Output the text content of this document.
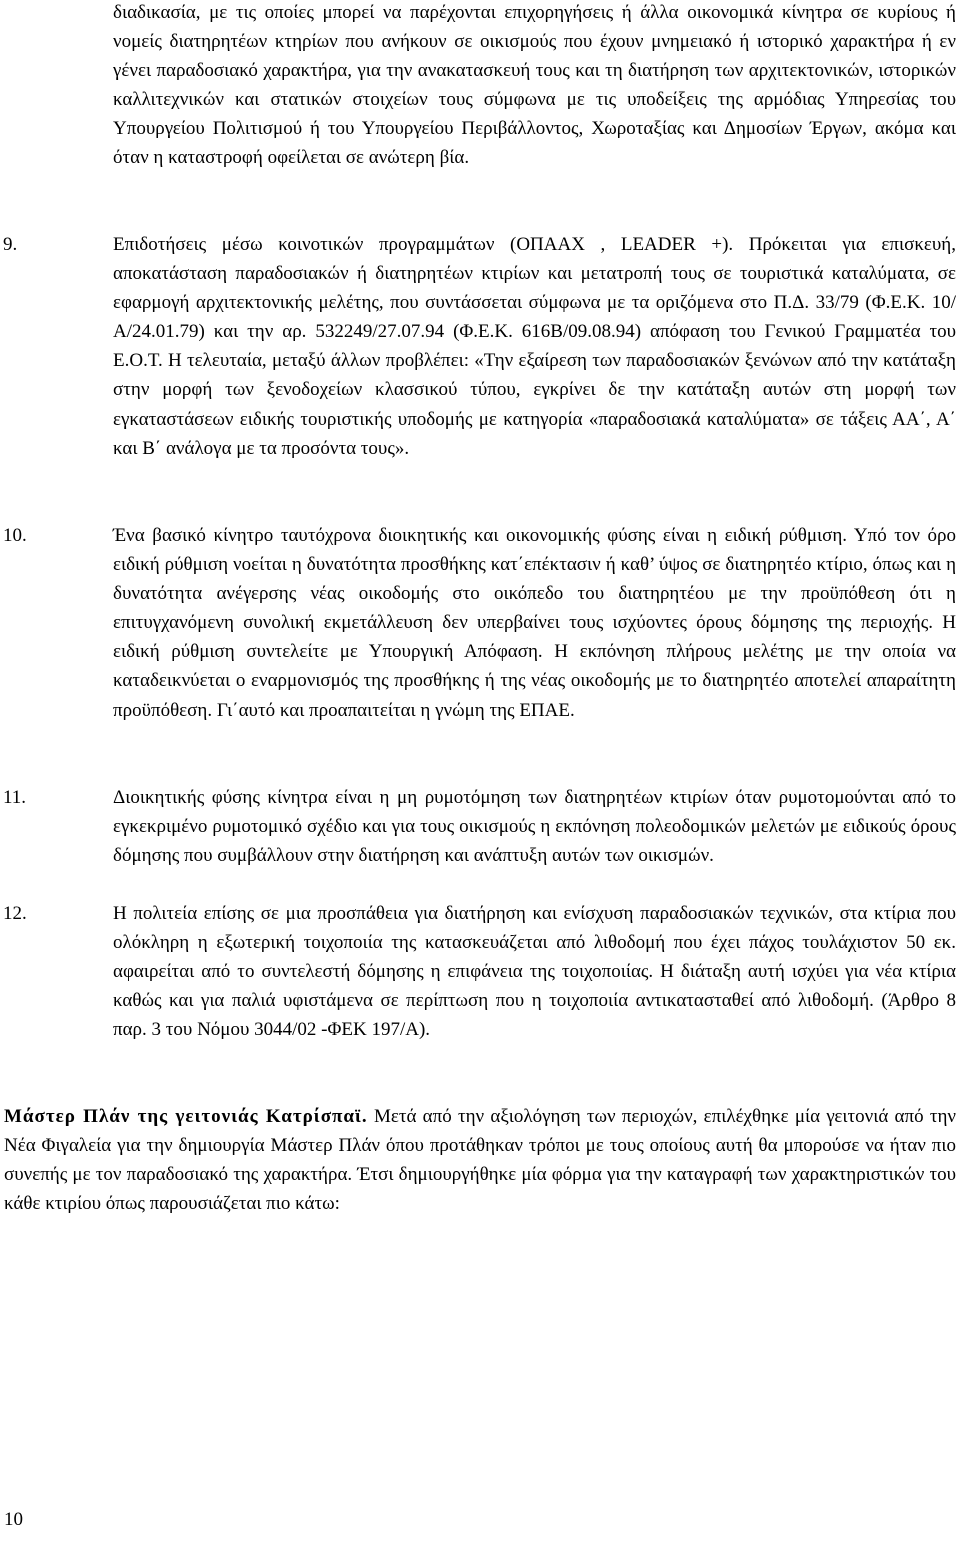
διαδικασία, με τις οποίες μπορεί να παρέχονται επιχορηγήσεις ή άλλα οικονομικά κίνητρα σε κυρίους ή νομείς διατηρητέων κτηρίων που ανήκουν σε οικισμούς που έχουν μνημειακό ή ιστορικό χαρακτήρα ή εν γένει παραδοσιακό χαρακτήρα, για την ανακατασκευή τους και τη διατήρηση των αρχιτεκτονικών, ιστορικών καλλιτεχνικών και στατικών στοιχείων τους σύμφωνα με τις υποδείξεις της αρμόδιας Υπηρεσίας του Υπουργείου Πολιτισμού ή του Υπουργείου Περιβάλλοντος, Χωροταξίας και Δημοσίων Έργων, ακόμα και όταν η καταστροφή οφείλεται σε ανώτερη βία.
9.	Επιδοτήσεις μέσω κοινοτικών προγραμμάτων (ΟΠΑΑΧ , LEADER +). Πρόκειται για επισκευή, αποκατάσταση παραδοσιακών ή διατηρητέων κτιρίων και μετατροπή τους σε τουριστικά καταλύματα, σε εφαρμογή αρχιτεκτονικής μελέτης, που συντάσσεται σύμφωνα με τα οριζόμενα στο Π.Δ. 33/79 (Φ.Ε.Κ. 10/Α/24.01.79) και την αρ. 532249/27.07.94 (Φ.Ε.Κ. 616Β/09.08.94) απόφαση του Γενικού Γραμματέα του Ε.Ο.Τ. Η τελευταία, μεταξύ άλλων προβλέπει: «Την εξαίρεση των παραδοσιακών ξενώνων από την κατάταξη στην μορφή των ξενοδοχείων κλασσικού τύπου, εγκρίνει δε την κατάταξη αυτών στη μορφή των εγκαταστάσεων ειδικής τουριστικής υποδομής με κατηγορία «παραδοσιακά καταλύματα» σε τάξεις ΑΑ΄, Α΄ και Β΄ ανάλογα με τα προσόντα τους».
10.	Ένα βασικό κίνητρο ταυτόχρονα διοικητικής και οικονομικής φύσης είναι η ειδική ρύθμιση. Υπό τον όρο ειδική ρύθμιση νοείται η δυνατότητα προσθήκης κατ΄επέκτασιν ή καθ’ ύψος σε διατηρητέο κτίριο, όπως και η δυνατότητα ανέγερσης νέας οικοδομής στο οικόπεδο του διατηρητέου με την προϋπόθεση ότι η επιτυγχανόμενη συνολική εκμετάλλευση δεν υπερβαίνει τους ισχύοντες όρους δόμησης της περιοχής. Η ειδική ρύθμιση συντελείτε με Υπουργική Απόφαση. Η εκπόνηση πλήρους μελέτης με την οποία να καταδεικνύεται ο εναρμονισμός της προσθήκης ή της νέας οικοδομής με το διατηρητέο αποτελεί απαραίτητη προϋπόθεση. Γι΄αυτό και προαπαιτείται η γνώμη της ΕΠΑΕ.
11.	Διοικητικής φύσης κίνητρα είναι η μη ρυμοτόμηση των διατηρητέων κτιρίων όταν ρυμοτομούνται από το εγκεκριμένο ρυμοτομικό σχέδιο και για τους οικισμούς η εκπόνηση πολεοδομικών μελετών με ειδικούς όρους δόμησης που συμβάλλουν στην διατήρηση και ανάπτυξη αυτών των οικισμών.
12.	Η πολιτεία επίσης σε μια προσπάθεια για διατήρηση και ενίσχυση παραδοσιακών τεχνικών, στα κτίρια που ολόκληρη η εξωτερική τοιχοποιία της κατασκευάζεται από λιθοδομή που έχει πάχος τουλάχιστον 50 εκ. αφαιρείται από το συντελεστή δόμησης η επιφάνεια της τοιχοποιίας. Η διάταξη αυτή ισχύει για νέα κτίρια καθώς και για παλιά υφιστάμενα σε περίπτωση που η τοιχοποιία αντικατασταθεί από λιθοδομή. (Άρθρο 8 παρ. 3 του Νόμου 3044/02 -ΦΕΚ 197/Α).
Μάστερ Πλάν της γειτονιάς Κατρίσπαϊ. Μετά από την αξιολόγηση των περιοχών, επιλέχθηκε μία γειτονιά από την Νέα Φιγαλεία για την δημιουργία Μάστερ Πλάν όπου προτάθηκαν τρόποι με τους οποίους αυτή θα μπορούσε να ήταν πιο συνεπής με τον παραδοσιακό της χαρακτήρα. Έτσι δημιουργήθηκε μία φόρμα για την καταγραφή των χαρακτηριστικών του κάθε κτιρίου όπως παρουσιάζεται πιο κάτω:
10
